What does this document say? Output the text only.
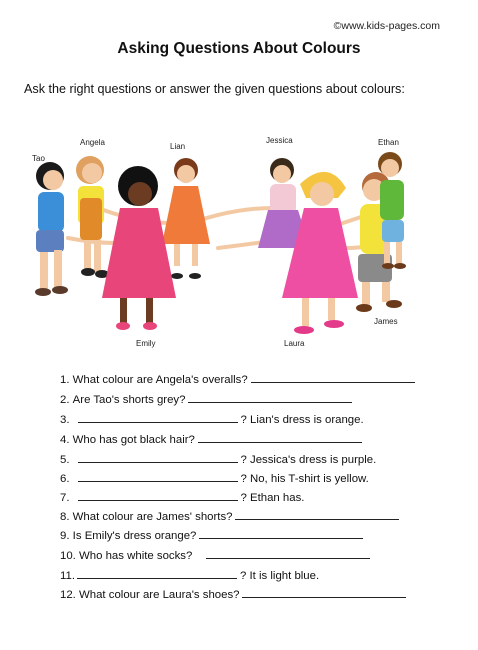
©www.kids-pages.com
Asking Questions About Colours
Ask the right questions or answer the given questions about colours:
Tao
Angela	Lian
Jessica	Ethan
Emily	Laura
James
1.
What colour are Angela's overalls?
2.
Are Tao's shorts grey?
3.	? Lian's dress is orange.
4.
Who has got black hair?
5.	? Jessica's dress is purple.
6.	? No, his T-shirt is yellow.
7.	? Ethan has.
8.
What colour are James' shorts?
9.
Is Emily's dress orange?
10.
Who has white socks?
11.	? It is light blue.
12.
What colour are Laura's shoes?
